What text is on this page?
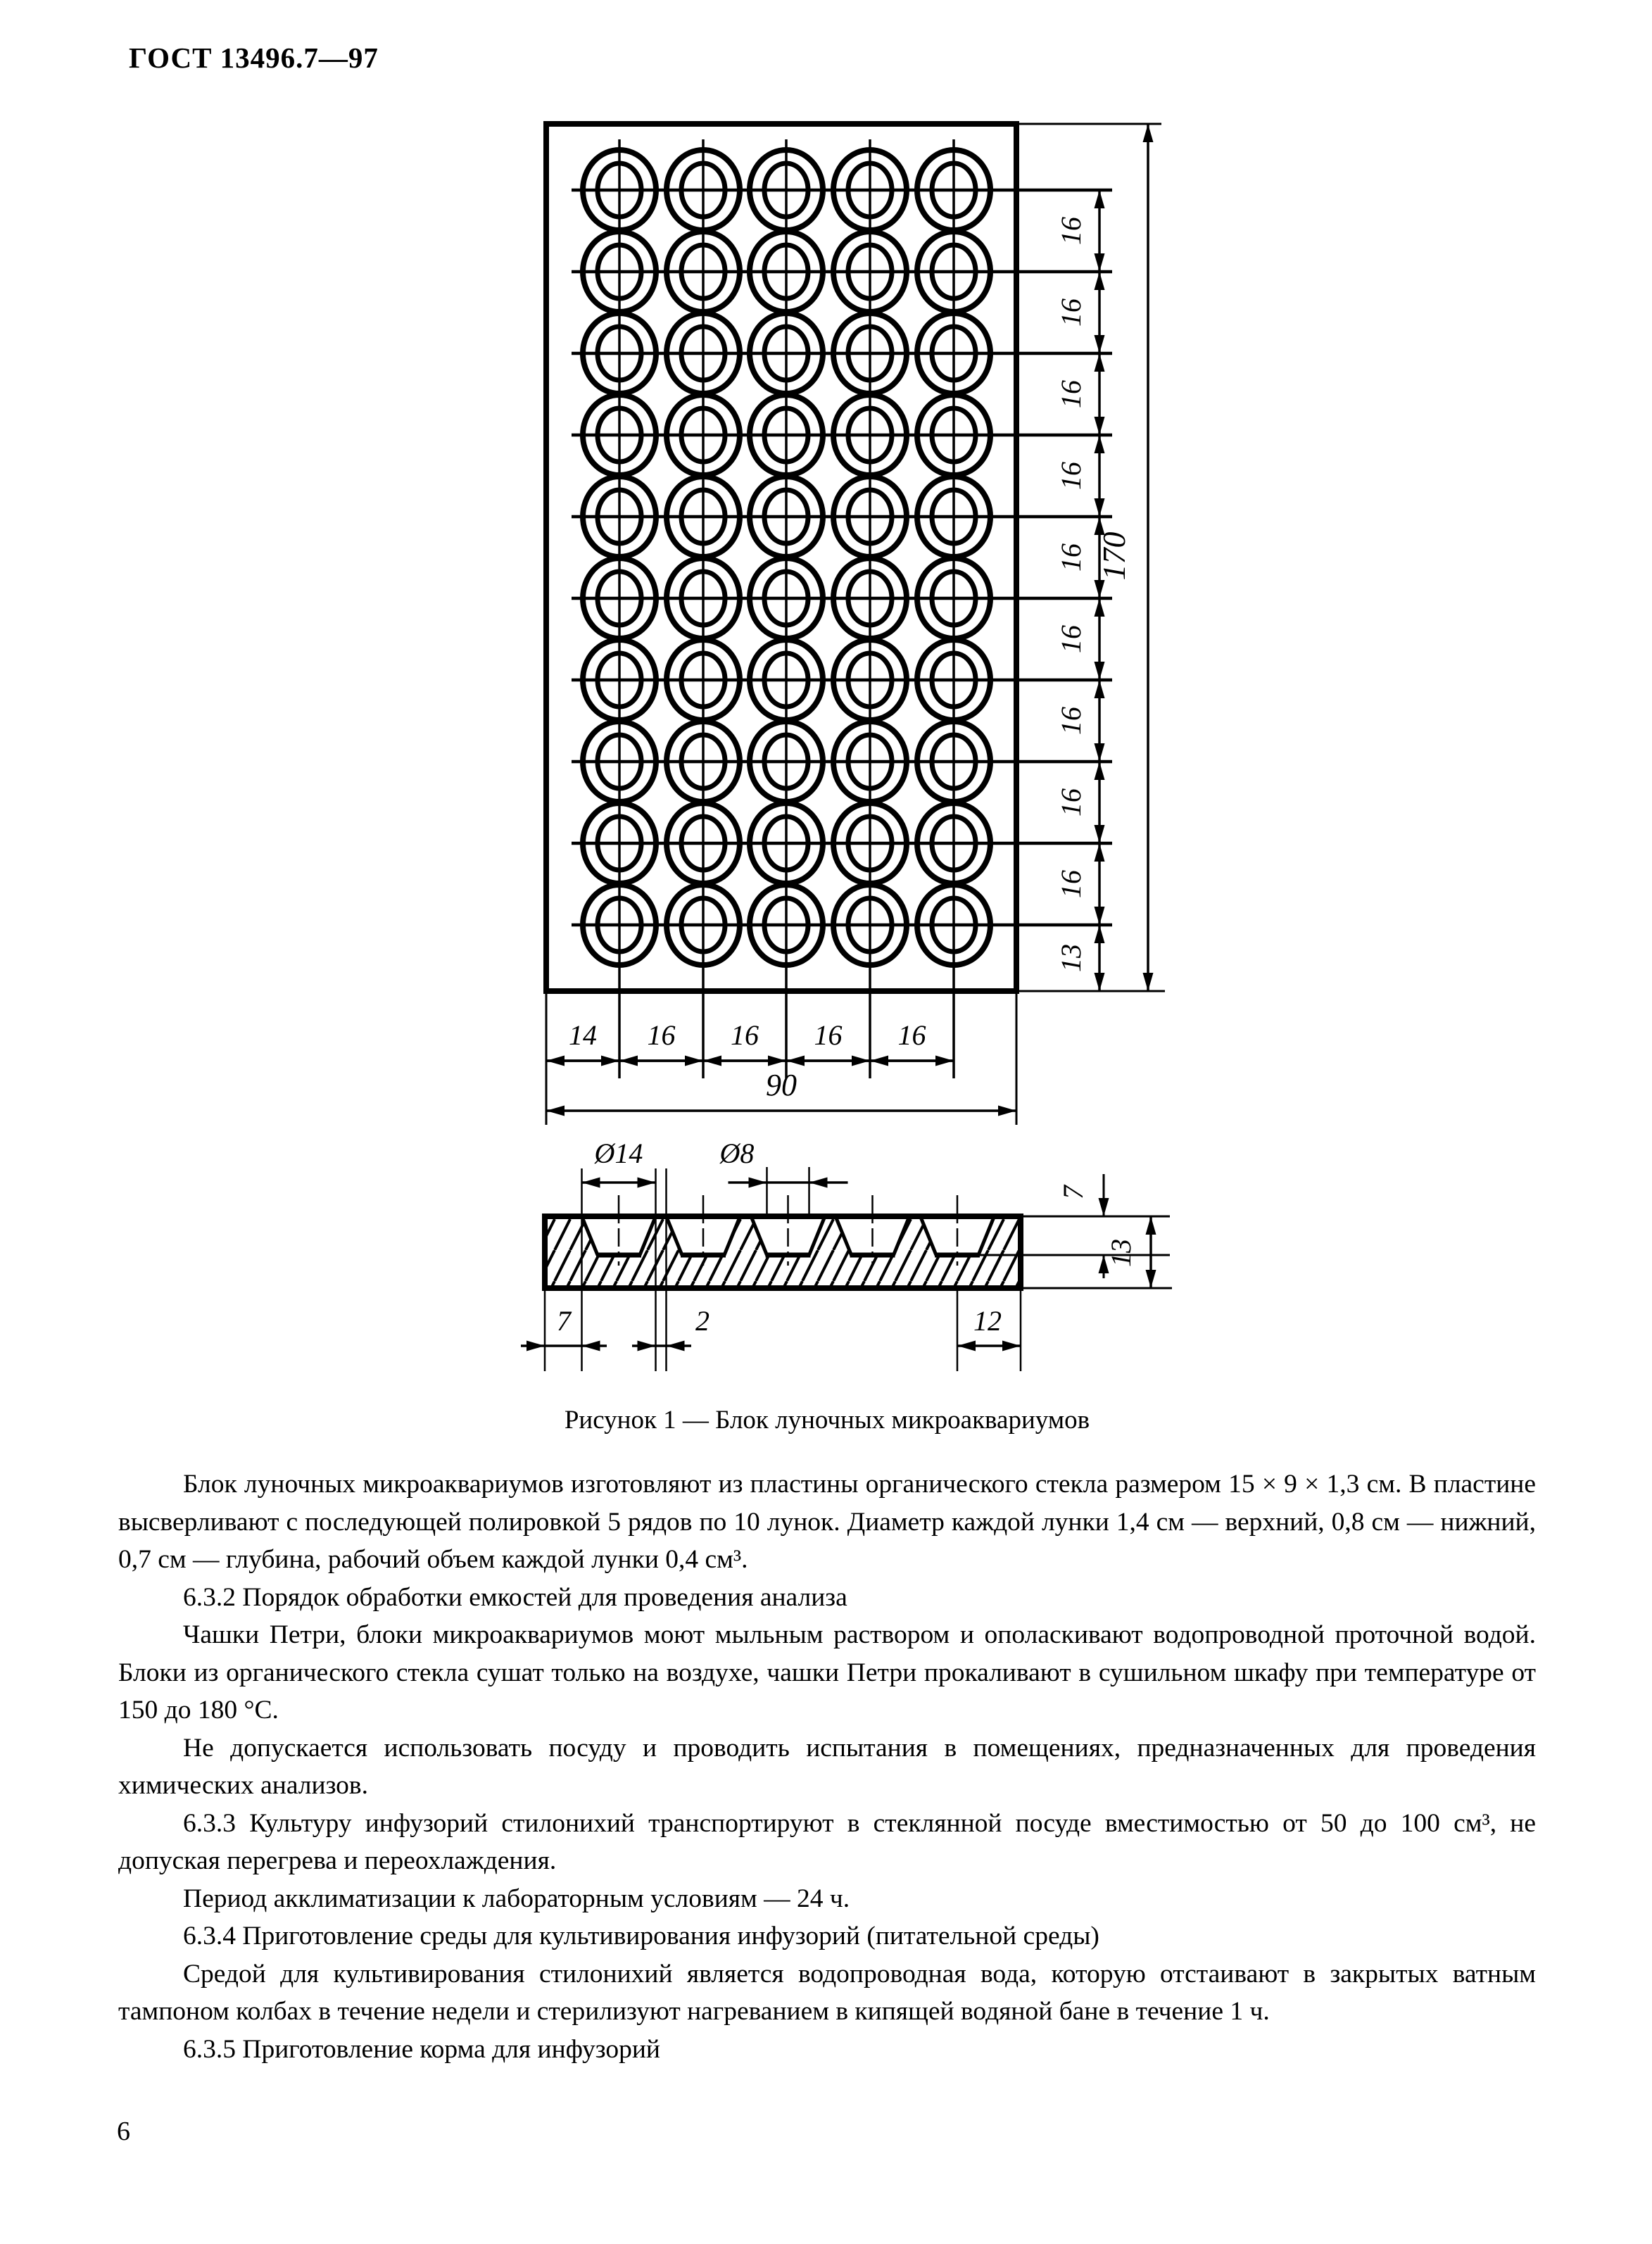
ГОСТ 13496.7—97
16
16
16
16
16
16
16
16
16
13
170
14 16 16 16 16
90
Ø14	Ø8
7
13
7	2	12
Рисунок 1 — Блок луночных микроаквариумов

Блок луночных микроаквариумов изготовляют из пластины органического стекла размером 15 × 9 × 1,3 см. В пластине высверливают с последующей полировкой 5 рядов по 10 лунок. Диаметр каждой лунки 1,4 см — верхний, 0,8 см — нижний, 0,7 см — глубина, рабочий объем каждой лунки 0,4 см³.

6.3.2 Порядок обработки емкостей для проведения анализа

Чашки Петри, блоки микроаквариумов моют мыльным раствором и ополаскивают водопроводной проточной водой. Блоки из органического стекла сушат только на воздухе, чашки Петри прокаливают в сушильном шкафу при температуре от 150 до 180 °С.

Не допускается использовать посуду и проводить испытания в помещениях, предназначенных для проведения химических анализов.

6.3.3 Культуру инфузорий стилонихий транспортируют в стеклянной посуде вместимостью от 50 до 100 см³, не допуская перегрева и переохлаждения.

Период акклиматизации к лабораторным условиям — 24 ч.

6.3.4 Приготовление среды для культивирования инфузорий (питательной среды)

Средой для культивирования стилонихий является водопроводная вода, которую отстаивают в закрытых ватным тампоном колбах в течение недели и стерилизуют нагреванием в кипящей водяной бане в течение 1 ч.

6.3.5 Приготовление корма для инфузорий

6
